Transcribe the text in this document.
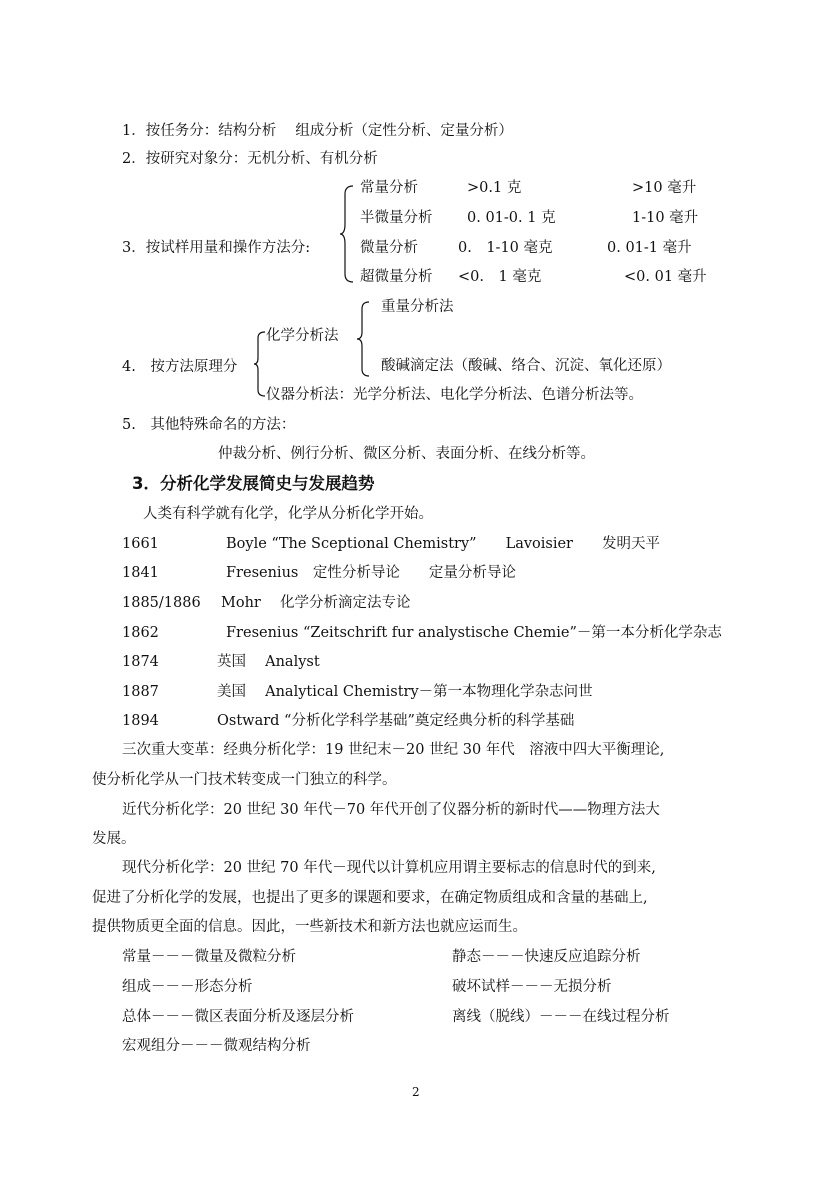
1．按任务分：结构分析　 组成分析（定性分析、定量分析）
2．按研究对象分：无机分析、有机分析
3．按试样用量和操作方法分:
常量分析	>0.1 克	>10 毫升
半微量分析 0. 01-0. 1 克	1-10 毫升
微量分析	0.　1-10 毫克	0. 01-1 毫升
超微量分析 <0.　1 毫克	<0. 01 毫升
4.　按方法原理分
化学分析法
重量分析法
酸碱滴定法（酸碱、络合、沉淀、氧化还原）
仪器分析法：光学分析法、电化学分析法、色谱分析法等。
5.　其他特殊命名的方法：
仲裁分析、例行分析、微区分析、表面分析、在线分析等。
3．分析化学发展简史与发展趋势
人类有科学就有化学，化学从分析化学开始。
1661	Boyle “The Sceptional Chemistry”　　Lavoisier　　发明天平
1841	Fresenius　定性分析导论　　定量分析导论
1885/1886 Mohr　 化学分析滴定法专论
1862	Fresenius “Zeitschrift fur analystische Chemie”－第一本分析化学杂志
1874	英国　 Analyst
1887	美国　 Analytical Chemistry－第一本物理化学杂志问世
1894	Ostward “分析化学科学基础”奠定经典分析的科学基础
三次重大变革：经典分析化学：19 世纪末－20 世纪 30 年代　溶液中四大平衡理论,
使分析化学从一门技术转变成一门独立的科学。
近代分析化学：20 世纪 30 年代－70 年代开创了仪器分析的新时代——物理方法大
发展。
现代分析化学：20 世纪 70 年代－现代以计算机应用谓主要标志的信息时代的到来,
促进了分析化学的发展，也提出了更多的课题和要求，在确定物质组成和含量的基础上,
提供物质更全面的信息。因此，一些新技术和新方法也就应运而生。
常量－－－微量及微粒分析	静态－－－快速反应追踪分析
组成－－－形态分析	破坏试样－－－无损分析
总体－－－微区表面分析及逐层分析	离线（脱线）－－－在线过程分析
宏观组分－－－微观结构分析
2
